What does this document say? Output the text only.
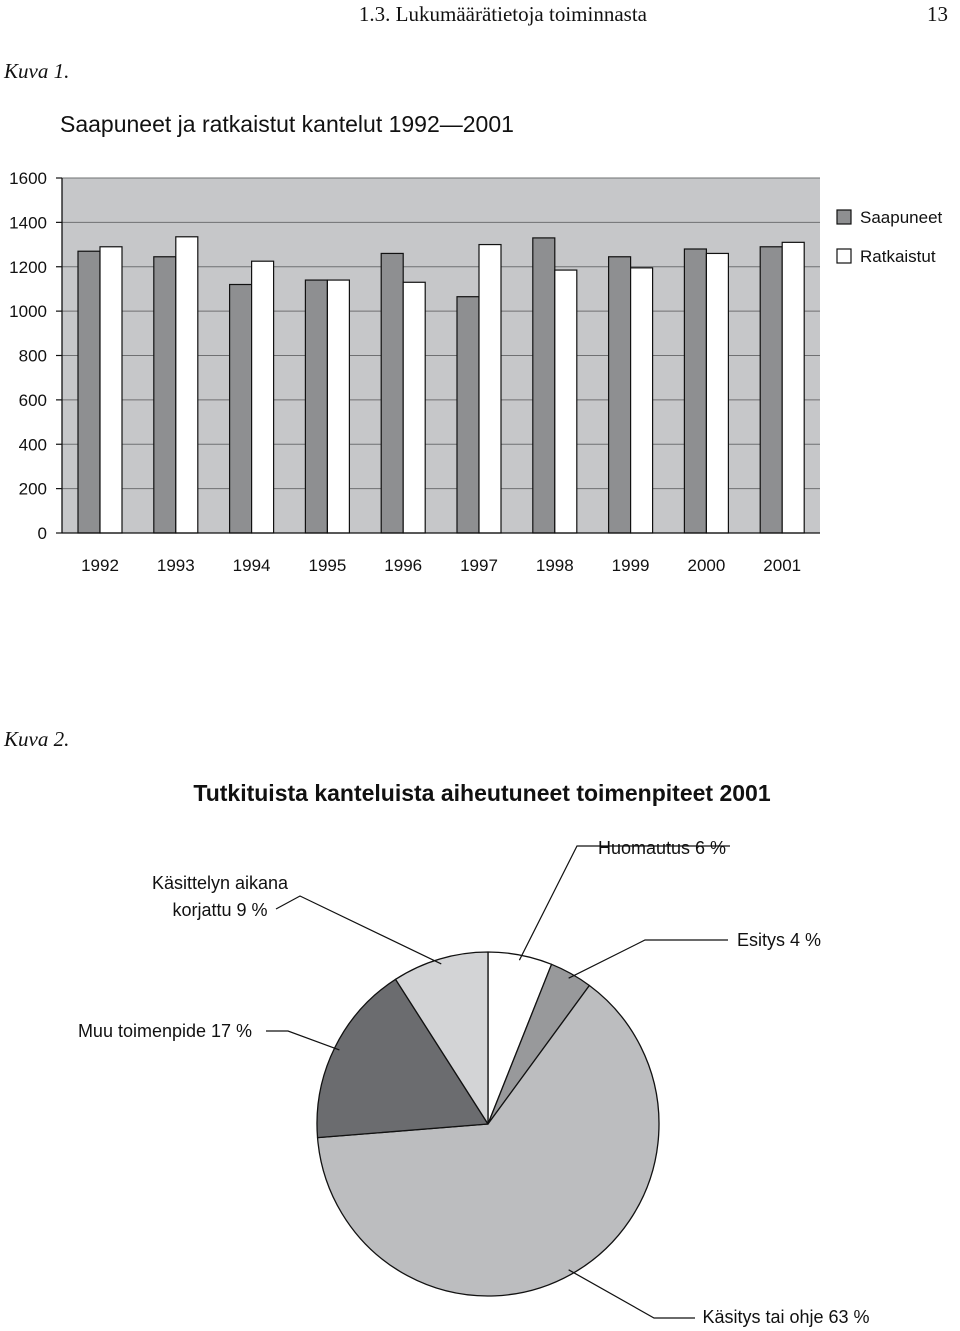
1.3. Lukumäärätietoja toiminnasta	13
Kuva 1.
Saapuneet ja ratkaistut kantelut 1992—2001
0
200
400
600
800
1000
1200
1400
1600
1992 1993 1994 1995 1996 1997 1998 1999 2000 2001
Saapuneet
Ratkaistut
Kuva 2.
Tutkituista kanteluista aiheutuneet toimenpiteet 2001
Huomautus 6 %
Esitys 4 %
Käsitys tai ohje 63 %
Muu toimenpide 17 %
Käsittelyn aikana
korjattu 9 %
